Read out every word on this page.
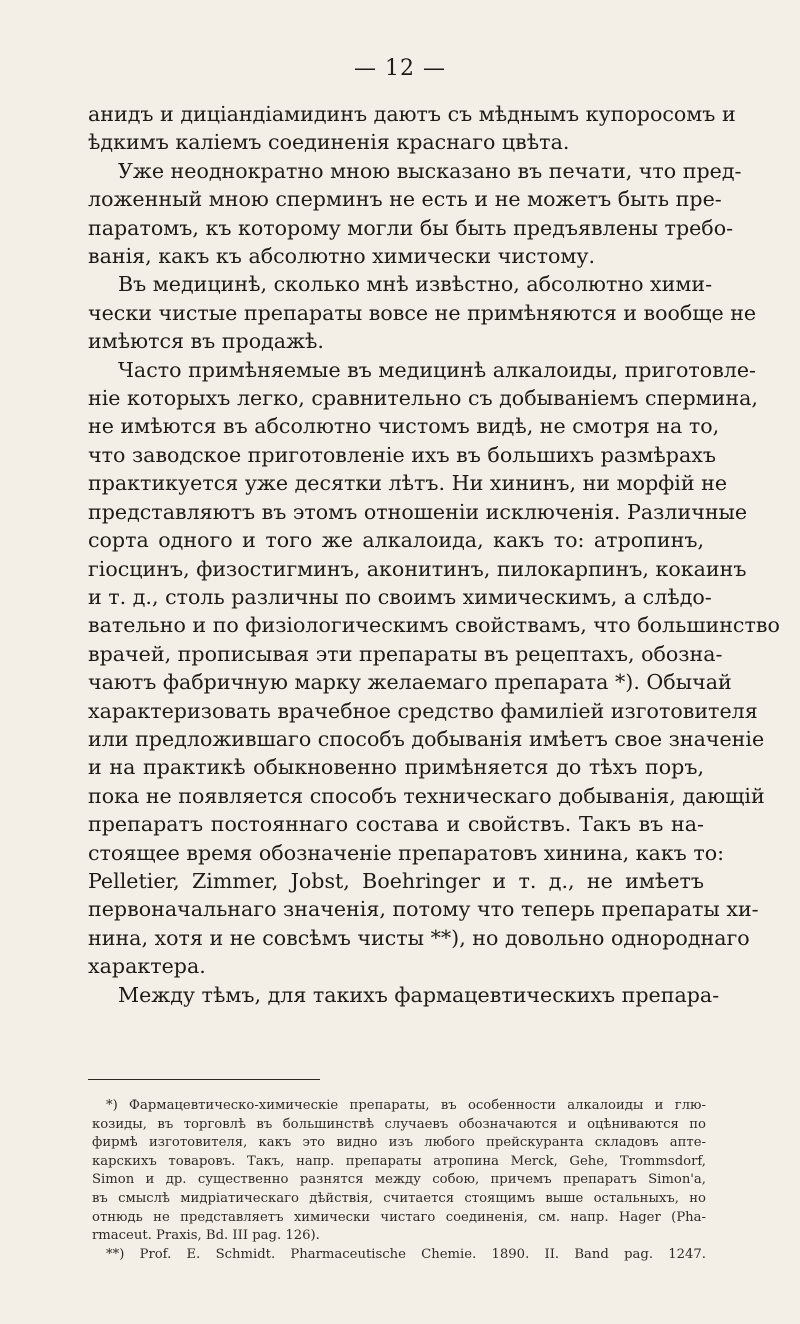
— 12 —
анидъ и диціандіамидинъ даютъ съ мѣднымъ купоросомъ и
ѣдкимъ каліемъ соединенія краснаго цвѣта.
Уже неоднократно мною высказано въ печати, что пред-
ложенный мною сперминъ не есть и не можетъ быть пре-
паратомъ, къ которому могли бы быть предъявлены требо-
ванія, какъ къ абсолютно химически чистому.
Въ медицинѣ, сколько мнѣ извѣстно, абсолютно хими-
чески чистые препараты вовсе не примѣняются и вообще не
имѣются въ продажѣ.
Часто примѣняемые въ медицинѣ алкалоиды, приготовле-
ніе которыхъ легко, сравнительно съ добываніемъ спермина,
не имѣются въ абсолютно чистомъ видѣ, не смотря на то,
что заводское приготовленіе ихъ въ большихъ размѣрахъ
практикуется уже десятки лѣтъ. Ни хининъ, ни морфій не
представляютъ въ этомъ отношеніи исключенія. Различные
сорта одного и того же алкалоида, какъ то: атропинъ,
гіосцинъ, физостигминъ, аконитинъ, пилокарпинъ, кокаинъ
и т. д., столь различны по своимъ химическимъ, а слѣдо-
вательно и по физіологическимъ свойствамъ, что большинство
врачей, прописывая эти препараты въ рецептахъ, обозна-
чаютъ фабричную марку желаемаго препарата *). Обычай
характеризовать врачебное средство фамиліей изготовителя
или предложившаго способъ добыванія имѣетъ свое значеніе
и на практикѣ обыкновенно примѣняется до тѣхъ поръ,
пока не появляется способъ техническаго добыванія, дающій
препаратъ постояннаго состава и свойствъ. Такъ въ на-
стоящее время обозначеніе препаратовъ хинина, какъ то:
Pelletier, Zimmer, Jobst, Boehringer и т. д., не имѣетъ
первоначальнаго значенія, потому что теперь препараты хи-
нина, хотя и не совсѣмъ чисты **), но довольно однороднаго
характера.
Между тѣмъ, для такихъ фармацевтическихъ препара-
*) Фармацевтическо-химическіе препараты, въ особенности алкалоиды и глю-
козиды, въ торговлѣ въ большинствѣ случаевъ обозначаются и оцѣниваются по
фирмѣ изготовителя, какъ это видно изъ любого прейскуранта складовъ апте-
карскихъ товаровъ. Такъ, напр. препараты атропина Merck, Gehe, Trommsdorf,
Simon и др. существенно разнятся между собою, причемъ препаратъ Simon'a,
въ смыслѣ мидріатическаго дѣйствія, считается стоящимъ выше остальныхъ, но
отнюдь не представляетъ химически чистаго соединенія, см. напр. Hager (Pha-
rmaceut. Praxis, Bd. III pag. 126).
**) Prof. E. Schmidt. Pharmaceutische Chemie. 1890. II. Band pag. 1247.
